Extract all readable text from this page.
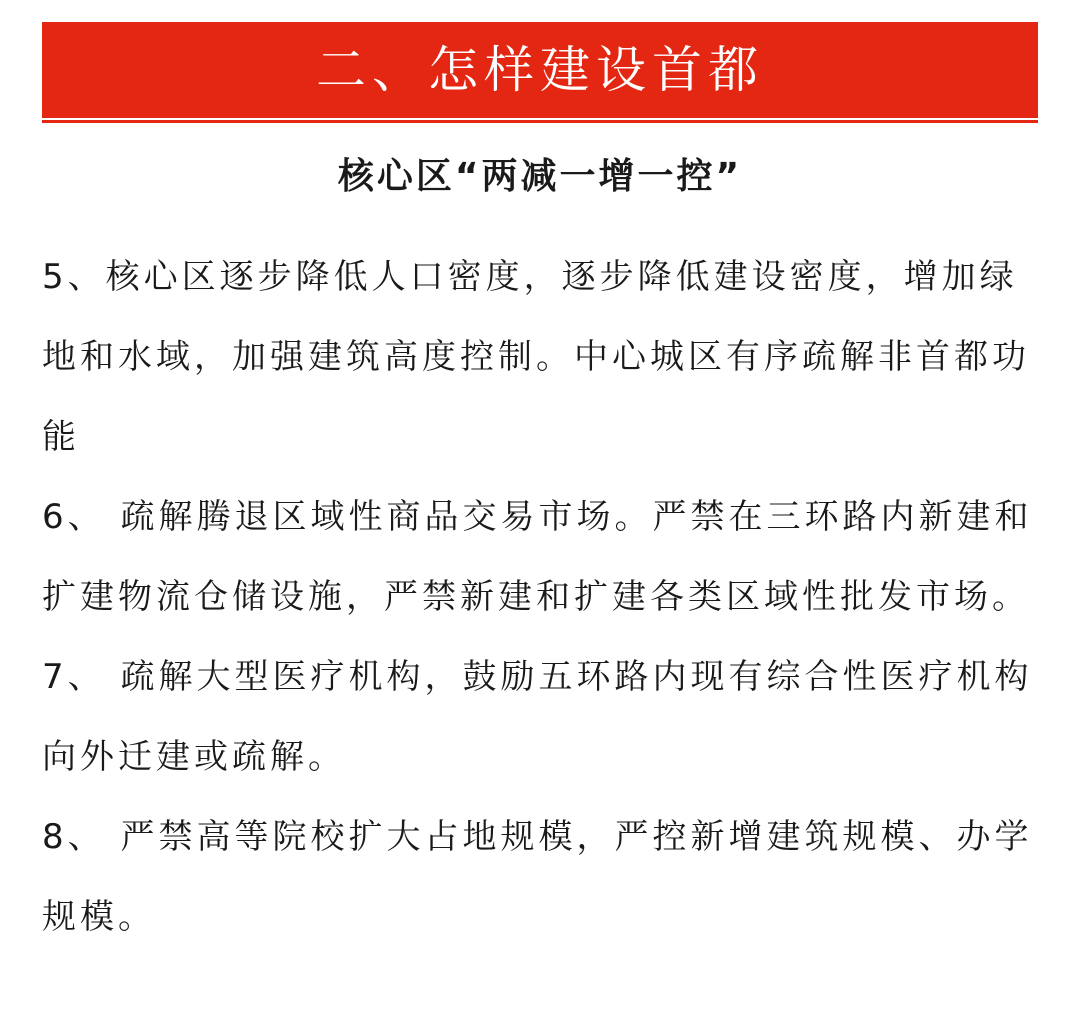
二、怎样建设首都
核心区“两减一增一控”

5、核心区逐步降低人口密度，逐步降低建设密度，增加绿地和水域，加强建筑高度控制。中心城区有序疏解非首都功能

6、 疏解腾退区域性商品交易市场。严禁在三环路内新建和扩建物流仓储设施，严禁新建和扩建各类区域性批发市场。

7、 疏解大型医疗机构，鼓励五环路内现有综合性医疗机构向外迁建或疏解。

8、 严禁高等院校扩大占地规模，严控新增建筑规模、办学规模。
